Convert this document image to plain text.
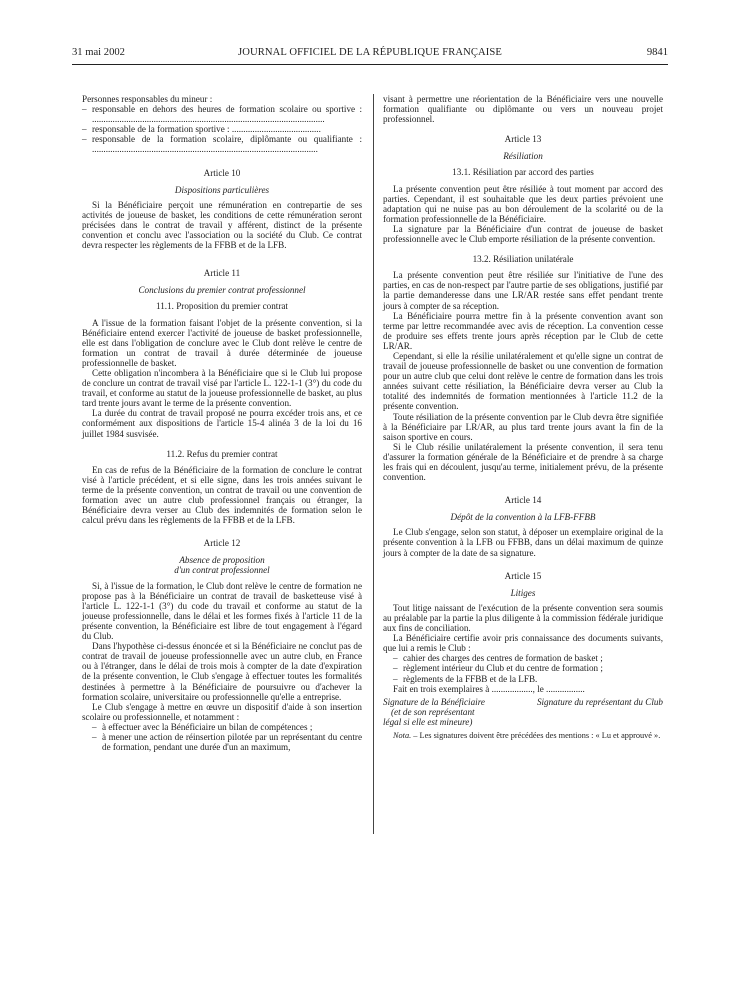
31 mai 2002	JOURNAL OFFICIEL DE LA RÉPUBLIQUE FRANÇAISE	9841

Personnes responsables du mineur :

– responsable en dehors des heures de formation scolaire ou sportive : ......................................................................................................

– responsable de la formation sportive : .......................................

– responsable de la formation scolaire, diplômante ou qualifiante : ...................................................................................................

Article 10

Dispositions particulières

Si la Bénéficiaire perçoit une rémunération en contrepartie de ses activités de joueuse de basket, les conditions de cette rémunération seront précisées dans le contrat de travail y afférent, distinct de la présente convention et conclu avec l'association ou la société du Club. Ce contrat devra respecter les règlements de la FFBB et de la LFB.

Article 11

Conclusions du premier contrat professionnel

11.1. Proposition du premier contrat

A l'issue de la formation faisant l'objet de la présente convention, si la Bénéficiaire entend exercer l'activité de joueuse de basket professionnelle, elle est dans l'obligation de conclure avec le Club dont relève le centre de formation un contrat de travail à durée déterminée de joueuse professionnelle de basket.

Cette obligation n'incombera à la Bénéficiaire que si le Club lui propose de conclure un contrat de travail visé par l'article L. 122-1-1 (3°) du code du travail, et conforme au statut de la joueuse professionnelle de basket, au plus tard trente jours avant le terme de la présente convention.

La durée du contrat de travail proposé ne pourra excéder trois ans, et ce conformément aux dispositions de l'article 15-4 alinéa 3 de la loi du 16 juillet 1984 susvisée.

11.2. Refus du premier contrat

En cas de refus de la Bénéficiaire de la formation de conclure le contrat visé à l'article précédent, et si elle signe, dans les trois années suivant le terme de la présente convention, un contrat de travail ou une convention de formation avec un autre club professionnel français ou étranger, la Bénéficiaire devra verser au Club des indemnités de formation selon le calcul prévu dans les règlements de la FFBB et de la LFB.

Article 12

Absence de proposition

d'un contrat professionnel

Si, à l'issue de la formation, le Club dont relève le centre de formation ne propose pas à la Bénéficiaire un contrat de travail de basketteuse visé à l'article L. 122-1-1 (3°) du code du travail et conforme au statut de la joueuse professionnelle, dans le délai et les formes fixés à l'article 11 de la présente convention, la Bénéficiaire est libre de tout engagement à l'égard du Club.

Dans l'hypothèse ci-dessus énoncée et si la Bénéficiaire ne conclut pas de contrat de travail de joueuse professionnelle avec un autre club, en France ou à l'étranger, dans le délai de trois mois à compter de la date d'expiration de la présente convention, le Club s'engage à effectuer toutes les formalités destinées à permettre à la Bénéficiaire de poursuivre ou d'achever la formation scolaire, universitaire ou professionnelle qu'elle a entreprise.

Le Club s'engage à mettre en œuvre un dispositif d'aide à son insertion scolaire ou professionnelle, et notamment :

– à effectuer avec la Bénéficiaire un bilan de compétences ;

– à mener une action de réinsertion pilotée par un représentant du centre de formation, pendant une durée d'un an maximum,

visant à permettre une réorientation de la Bénéficiaire vers une nouvelle formation qualifiante ou diplômante ou vers un nouveau projet professionnel.

Article 13

Résiliation

13.1. Résiliation par accord des parties

La présente convention peut être résiliée à tout moment par accord des parties. Cependant, il est souhaitable que les deux parties prévoient une adaptation qui ne nuise pas au bon déroulement de la scolarité ou de la formation professionnelle de la Bénéficiaire.

La signature par la Bénéficiaire d'un contrat de joueuse de basket professionnelle avec le Club emporte résiliation de la présente convention.

13.2. Résiliation unilatérale

La présente convention peut être résiliée sur l'initiative de l'une des parties, en cas de non-respect par l'autre partie de ses obligations, justifié par la partie demanderesse dans une LR/AR restée sans effet pendant trente jours à compter de sa réception.

La Bénéficiaire pourra mettre fin à la présente convention avant son terme par lettre recommandée avec avis de réception. La convention cesse de produire ses effets trente jours après réception par le Club de cette LR/AR.

Cependant, si elle la résilie unilatéralement et qu'elle signe un contrat de travail de joueuse professionnelle de basket ou une convention de formation pour un autre club que celui dont relève le centre de formation dans les trois années suivant cette résiliation, la Bénéficiaire devra verser au Club la totalité des indemnités de formation mentionnées à l'article 11.2 de la présente convention.

Toute résiliation de la présente convention par le Club devra être signifiée à la Bénéficiaire par LR/AR, au plus tard trente jours avant la fin de la saison sportive en cours.

Si le Club résilie unilatéralement la présente convention, il sera tenu d'assurer la formation générale de la Bénéficiaire et de prendre à sa charge les frais qui en découlent, jusqu'au terme, initialement prévu, de la présente convention.

Article 14

Dépôt de la convention à la LFB-FFBB

Le Club s'engage, selon son statut, à déposer un exemplaire original de la présente convention à la LFB ou FFBB, dans un délai maximum de quinze jours à compter de la date de sa signature.

Article 15

Litiges

Tout litige naissant de l'exécution de la présente convention sera soumis au préalable par la partie la plus diligente à la commission fédérale juridique aux fins de conciliation.

La Bénéficiaire certifie avoir pris connaissance des documents suivants, que lui a remis le Club :

– cahier des charges des centres de formation de basket ;

– règlement intérieur du Club et du centre de formation ;

– règlements de la FFBB et de la LFB.

Fait en trois exemplaires à .................., le .................

Signature de la Bénéficiaire
(et de son représentant
légal si elle est mineure)
Signature du représentant du Club

Nota. – Les signatures doivent être précédées des mentions : « Lu et approuvé ».
